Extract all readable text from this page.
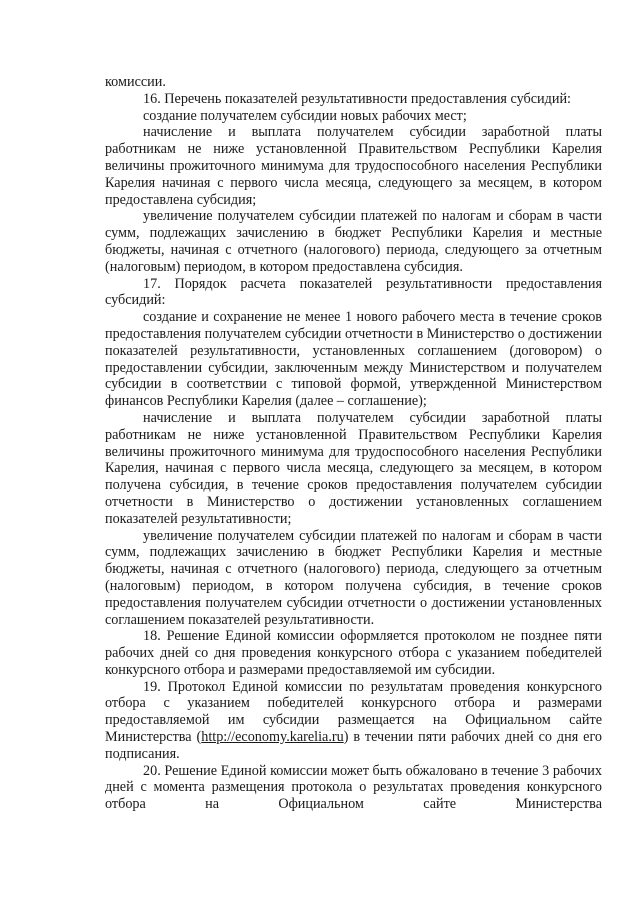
комиссии.

16. Перечень показателей результативности предоставления субсидий:

создание получателем субсидии новых рабочих мест;

начисление и выплата получателем субсидии заработной платы работникам не ниже установленной Правительством Республики Карелия величины прожиточного минимума для трудоспособного населения Республики Карелия начиная с первого числа месяца, следующего за месяцем, в котором предоставлена субсидия;

увеличение получателем субсидии платежей по налогам и сборам в части сумм, подлежащих зачислению в бюджет Республики Карелия и местные бюджеты, начиная с отчетного (налогового) периода, следующего за отчетным (налоговым) периодом, в котором предоставлена субсидия.

17. Порядок расчета показателей результативности предоставления субсидий:

создание и сохранение не менее 1 нового рабочего места в течение сроков предоставления получателем субсидии отчетности в Министерство о достижении показателей результативности, установленных соглашением (договором) о предоставлении субсидии, заключенным между Министерством и получателем субсидии в соответствии с типовой формой, утвержденной Министерством финансов Республики Карелия (далее – соглашение);

начисление и выплата получателем субсидии заработной платы работникам не ниже установленной Правительством Республики Карелия величины прожиточного минимума для трудоспособного населения Республики Карелия, начиная с первого числа месяца, следующего за месяцем, в котором получена субсидия, в течение сроков предоставления получателем субсидии отчетности в Министерство о достижении установленных соглашением показателей результативности;

увеличение получателем субсидии платежей по налогам и сборам в части сумм, подлежащих зачислению в бюджет Республики Карелия и местные бюджеты, начиная с отчетного (налогового) периода, следующего за отчетным (налоговым) периодом, в котором получена субсидия, в течение сроков предоставления получателем субсидии отчетности о достижении установленных соглашением показателей результативности.

18. Решение Единой комиссии оформляется протоколом не позднее пяти рабочих дней со дня проведения конкурсного отбора с указанием победителей конкурсного отбора и размерами предоставляемой им субсидии.

19. Протокол Единой комиссии по результатам проведения конкурсного отбора с указанием победителей конкурсного отбора и размерами предоставляемой им субсидии размещается на Официальном сайте Министерства (http://economy.karelia.ru) в течении пяти рабочих дней со дня его подписания.

20. Решение Единой комиссии может быть обжаловано в течение 3 рабочих дней с момента размещения протокола о результатах проведения конкурсного отбора на Официальном сайте Министерства
